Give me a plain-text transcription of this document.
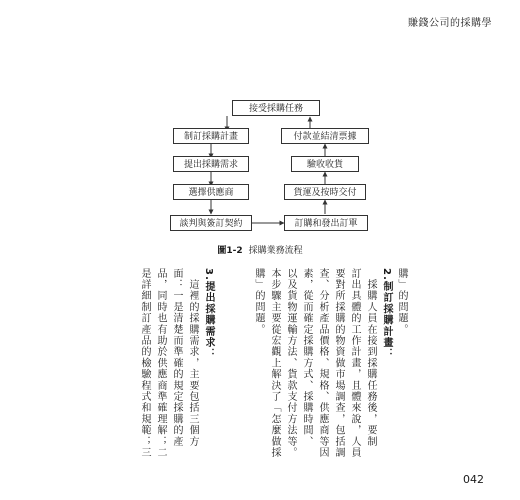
賺錢公司的採購學
接受採購任務
制訂採購計畫
提出採購需求
選擇供應商
談判與簽訂契約
付款並結清票據
驗收收貨
貨運及按時交付
訂購和發出訂單
圖1-2 採購業務流程
購」的問題。
2.制訂採購計畫：
　採購人員在接到採購任務後，要制
訂出具體的工作計畫，且體來說，人員
要對所採購的物資做市場調查，包括調
查、分析產品價格、規格、供應商等因
素，從而確定採購方式、採購時間、
以及貨物運輸方法、貨款支付方法等。
本步驟主要從宏觀上解決了「怎麼做採
購」的問題。
3.提出採購需求：
　這裡的採購需求，主要包括三個方
面：一是清楚而準確的規定採購的產
品，同時也有助於供應商準確理解；二
是詳細制訂產品的檢驗程式和規範；三
042
